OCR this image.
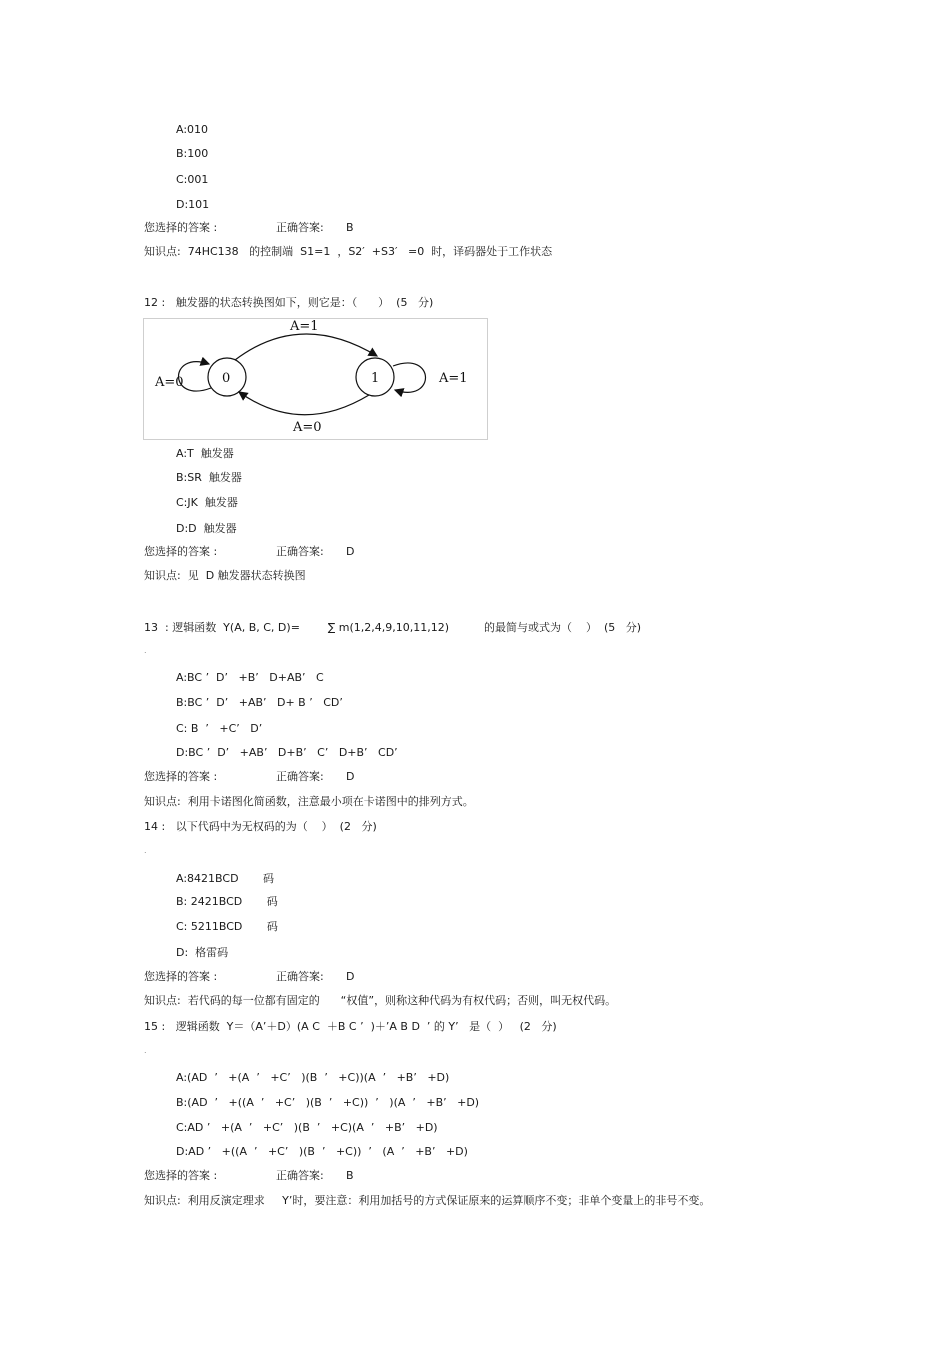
A:010
B:100
C:001
D:101
您选择的答案 :	正确答案: B
知识点:  74HC138   的控制端  S1=1  ，S2′  +S3′   =0  时，译码器处于工作状态
12 :   触发器的状态转换图如下，则它是：（      ）  (5   分)
0	1
A=1
A=0
A=0	A=1
A:T  触发器
B:SR  触发器
C:JK  触发器
D:D  触发器
您选择的答案 :	正确答案: D
知识点:  见  D 触发器状态转换图
13  : 逻辑函数  Y(A, B, C, D)=        ∑ m(1,2,4,9,10,11,12)          的最简与或式为（    ）  (5   分)
.
A:BC ’  D’   +B’   D+AB’   C
B:BC ’  D’   +AB’   D+ B ’   CD’
C: B  ’   +C’   D’
D:BC ’  D’   +AB’   D+B’   C’   D+B’   CD’
您选择的答案 :	正确答案: D
知识点:  利用卡诺图化简函数，注意最小项在卡诺图中的排列方式。
14 :   以下代码中为无权码的为（    ）  (2   分)
.
A:8421BCD       码
B: 2421BCD       码
C: 5211BCD       码
D:  格雷码
您选择的答案 :	正确答案: D
知识点:  若代码的每一位都有固定的      “权值”，则称这种代码为有权代码；否则，叫无权代码。
15 :   逻辑函数  Y＝（A’＋D）(A C  ＋B C ’  )＋’A B D  ’ 的 Y’   是（  ）   (2   分)
.
A:(AD  ’   +(A  ’   +C’   )(B  ’   +C))(A  ’   +B’   +D)
B:(AD  ’   +((A  ’   +C’   )(B  ’   +C))  ’   )(A  ’   +B’   +D)
C:AD ’   +(A  ’   +C’   )(B  ’   +C)(A  ’   +B’   +D)
D:AD ’   +((A  ’   +C’   )(B  ’   +C))  ’   (A  ’   +B’   +D)
您选择的答案 :	正确答案: B
知识点:  利用反演定理求     Y’时，要注意：利用加括号的方式保证原来的运算顺序不变；非单个变量上的非号不变。
